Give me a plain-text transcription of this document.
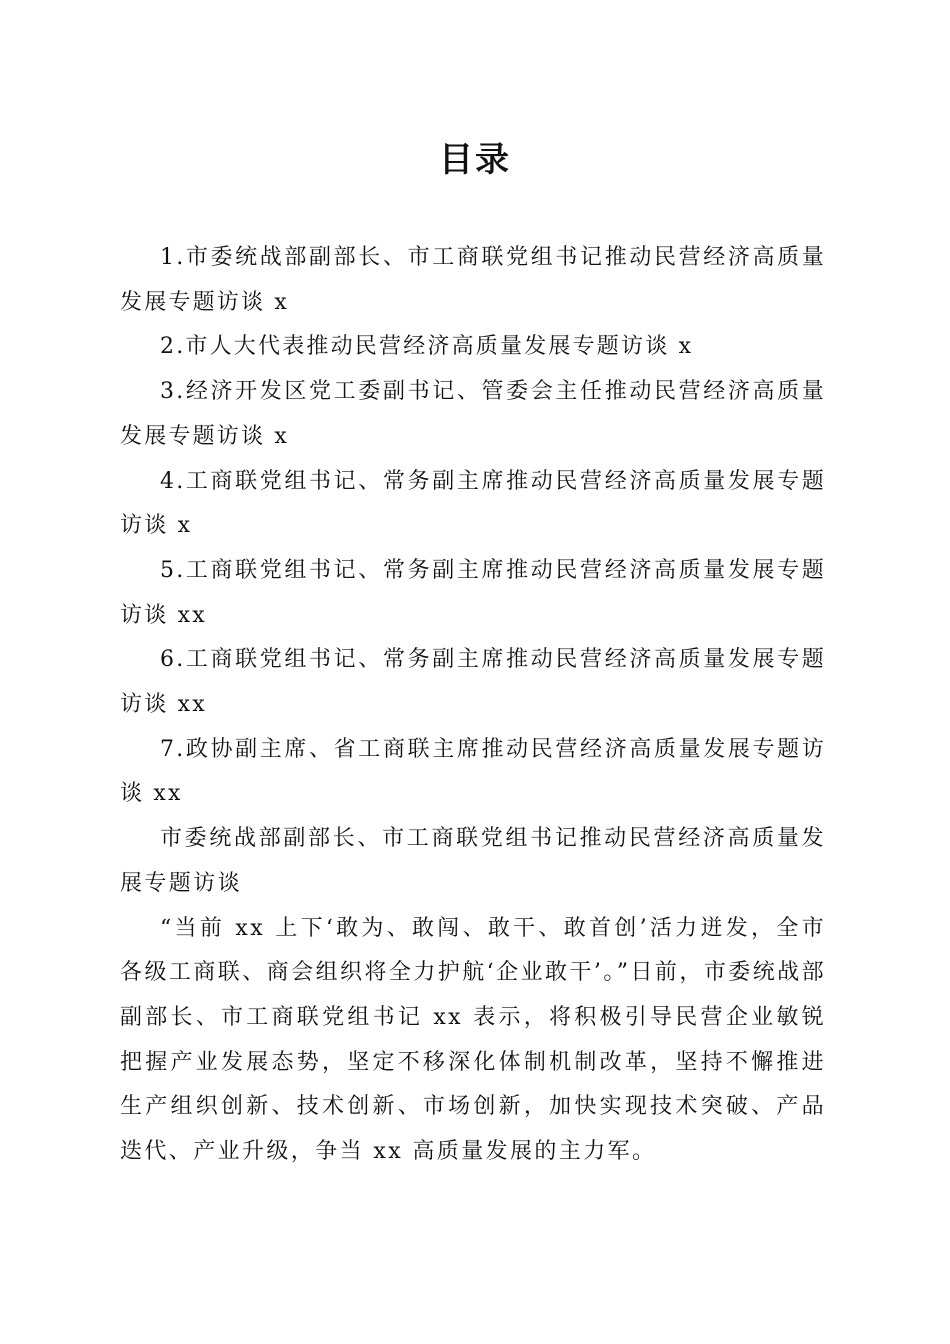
目录

1.市委统战部副部长、市工商联党组书记推动民营经济高质量发展专题访谈 x

2.市人大代表推动民营经济高质量发展专题访谈 x

3.经济开发区党工委副书记、管委会主任推动民营经济高质量发展专题访谈 x

4.工商联党组书记、常务副主席推动民营经济高质量发展专题访谈 x

5.工商联党组书记、常务副主席推动民营经济高质量发展专题访谈 xx

6.工商联党组书记、常务副主席推动民营经济高质量发展专题访谈 xx

7.政协副主席、省工商联主席推动民营经济高质量发展专题访谈 xx

市委统战部副部长、市工商联党组书记推动民营经济高质量发展专题访谈

“当前 xx 上下‘敢为、敢闯、敢干、敢首创’活力迸发，全市各级工商联、商会组织将全力护航‘企业敢干’。”日前，市委统战部副部长、市工商联党组书记 xx 表示，将积极引导民营企业敏锐把握产业发展态势，坚定不移深化体制机制改革，坚持不懈推进生产组织创新、技术创新、市场创新，加快实现技术突破、产品迭代、产业升级，争当 xx 高质量发展的主力军。
